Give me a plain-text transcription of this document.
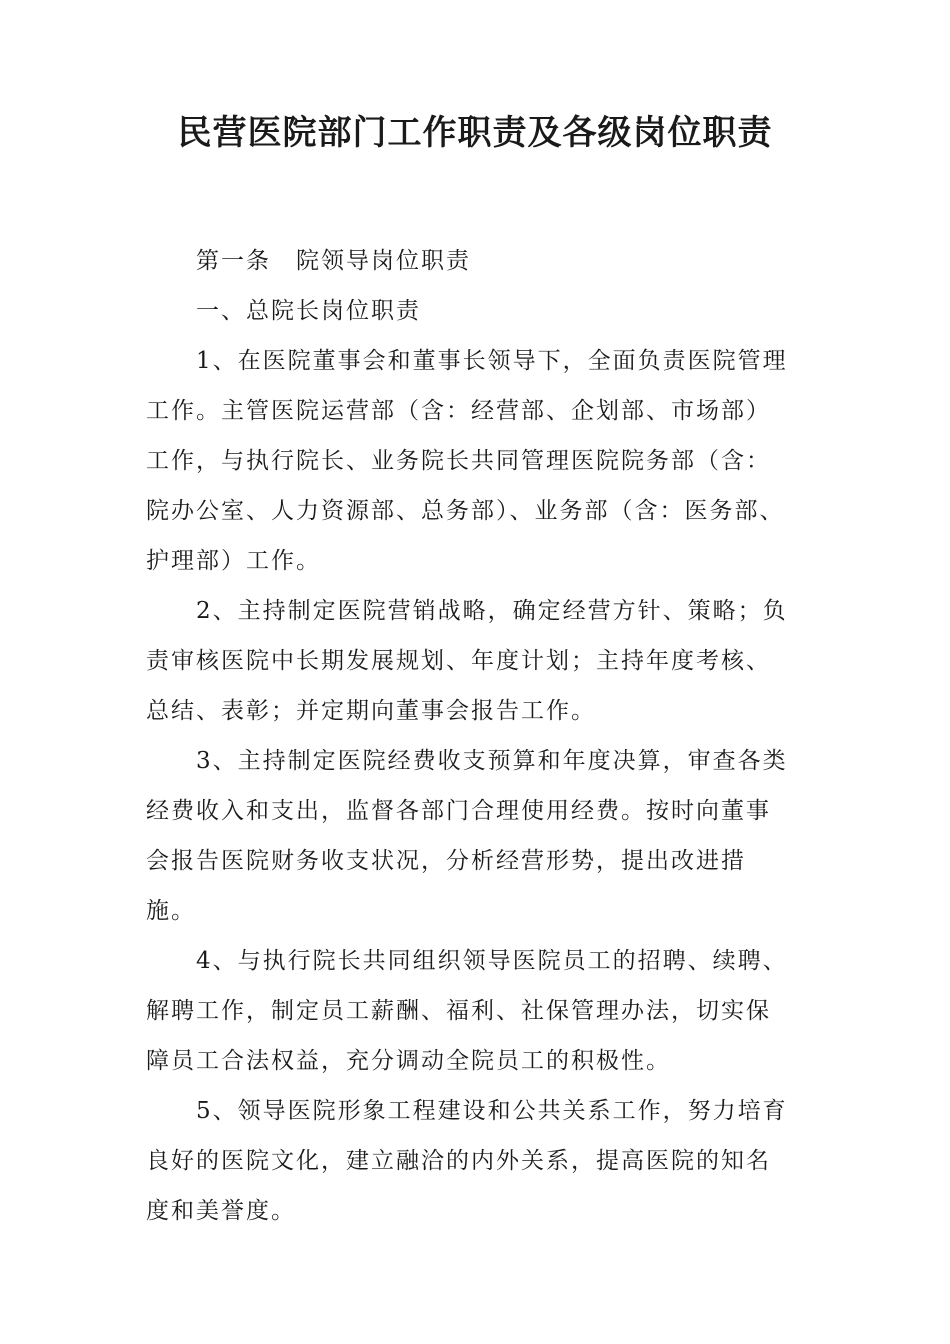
民营医院部门工作职责及各级岗位职责
第一条　院领导岗位职责
一、总院长岗位职责
1、在医院董事会和董事长领导下，全面负责医院管理
工作。主管医院运营部（含：经营部、企划部、市场部）
工作，与执行院长、业务院长共同管理医院院务部（含：
院办公室、人力资源部、总务部）、业务部（含：医务部、
护理部）工作。
2、主持制定医院营销战略，确定经营方针、策略；负
责审核医院中长期发展规划、年度计划；主持年度考核、
总结、表彰；并定期向董事会报告工作。
3、主持制定医院经费收支预算和年度决算，审查各类
经费收入和支出，监督各部门合理使用经费。按时向董事
会报告医院财务收支状况，分析经营形势，提出改进措
施。
4、与执行院长共同组织领导医院员工的招聘、续聘、
解聘工作，制定员工薪酬、福利、社保管理办法，切实保
障员工合法权益，充分调动全院员工的积极性。
5、领导医院形象工程建设和公共关系工作，努力培育
良好的医院文化，建立融洽的内外关系，提高医院的知名
度和美誉度。
